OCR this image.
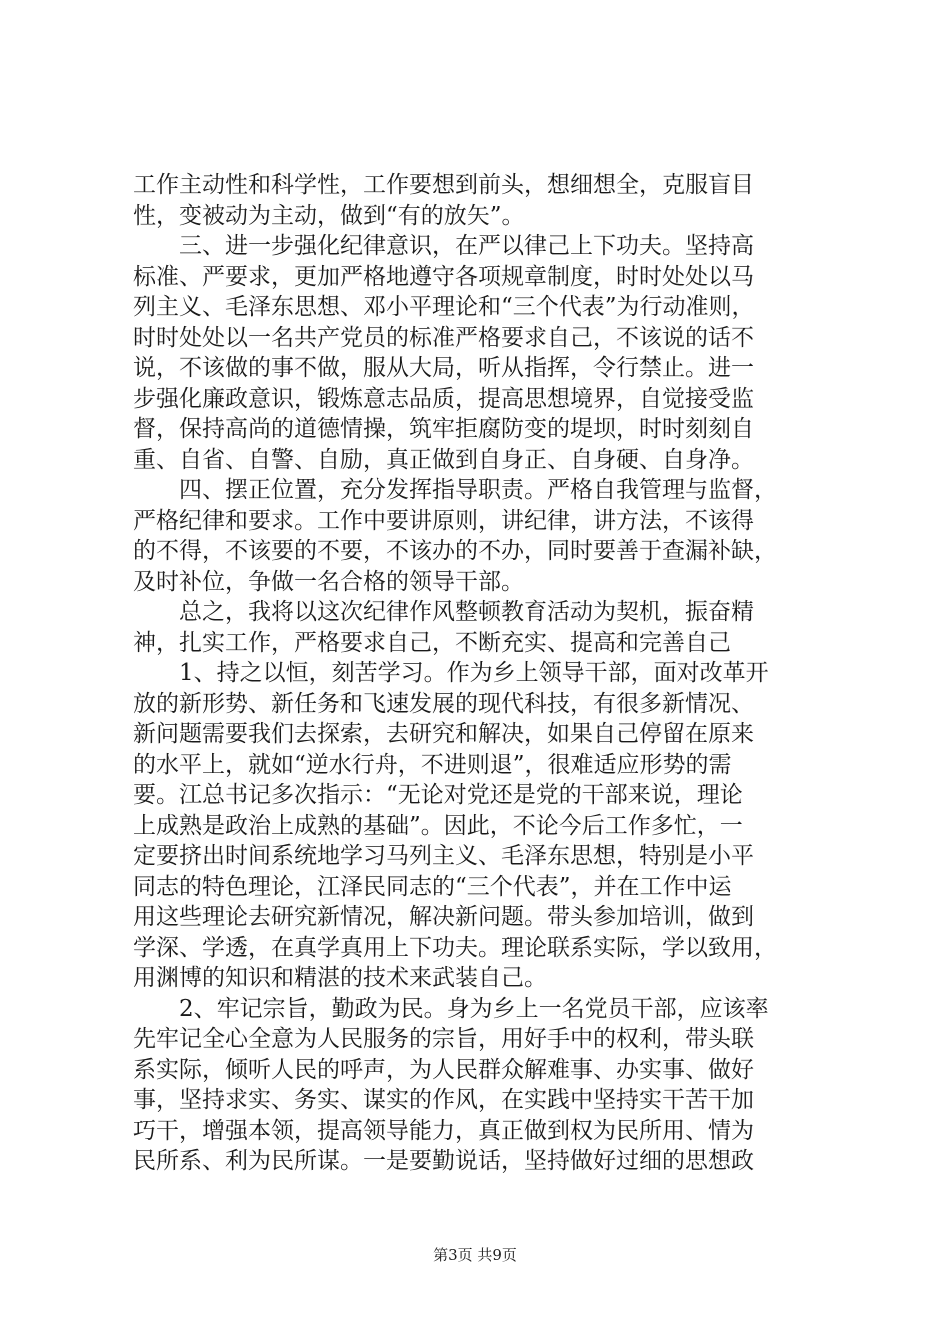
工作主动性和科学性，工作要想到前头，想细想全，克服盲目
性，变被动为主动，做到“有的放矢”。
　　三、进一步强化纪律意识，在严以律己上下功夫。坚持高
标准、严要求，更加严格地遵守各项规章制度，时时处处以马
列主义、毛泽东思想、邓小平理论和“三个代表”为行动准则，
时时处处以一名共产党员的标准严格要求自己，不该说的话不
说，不该做的事不做，服从大局，听从指挥，令行禁止。进一
步强化廉政意识，锻炼意志品质，提高思想境界，自觉接受监
督，保持高尚的道德情操，筑牢拒腐防变的堤坝，时时刻刻自
重、自省、自警、自励，真正做到自身正、自身硬、自身净。
　　四、摆正位置，充分发挥指导职责。严格自我管理与监督，
严格纪律和要求。工作中要讲原则，讲纪律，讲方法，不该得
的不得，不该要的不要，不该办的不办，同时要善于查漏补缺，
及时补位，争做一名合格的领导干部。
　　总之，我将以这次纪律作风整顿教育活动为契机，振奋精
神，扎实工作，严格要求自己，不断充实、提高和完善自己
　　1、持之以恒，刻苦学习。作为乡上领导干部，面对改革开
放的新形势、新任务和飞速发展的现代科技，有很多新情况、
新问题需要我们去探索，去研究和解决，如果自己停留在原来
的水平上，就如“逆水行舟，不进则退”，很难适应形势的需
要。江总书记多次指示：“无论对党还是党的干部来说，理论
上成熟是政治上成熟的基础”。因此，不论今后工作多忙，一
定要挤出时间系统地学习马列主义、毛泽东思想，特别是小平
同志的特色理论，江泽民同志的“三个代表”，并在工作中运
用这些理论去研究新情况，解决新问题。带头参加培训，做到
学深、学透，在真学真用上下功夫。理论联系实际，学以致用，
用渊博的知识和精湛的技术来武装自己。
　　2、牢记宗旨，勤政为民。身为乡上一名党员干部，应该率
先牢记全心全意为人民服务的宗旨，用好手中的权利，带头联
系实际，倾听人民的呼声，为人民群众解难事、办实事、做好
事，坚持求实、务实、谋实的作风，在实践中坚持实干苦干加
巧干，增强本领，提高领导能力，真正做到权为民所用、情为
民所系、利为民所谋。一是要勤说话，坚持做好过细的思想政
第3页 共9页
